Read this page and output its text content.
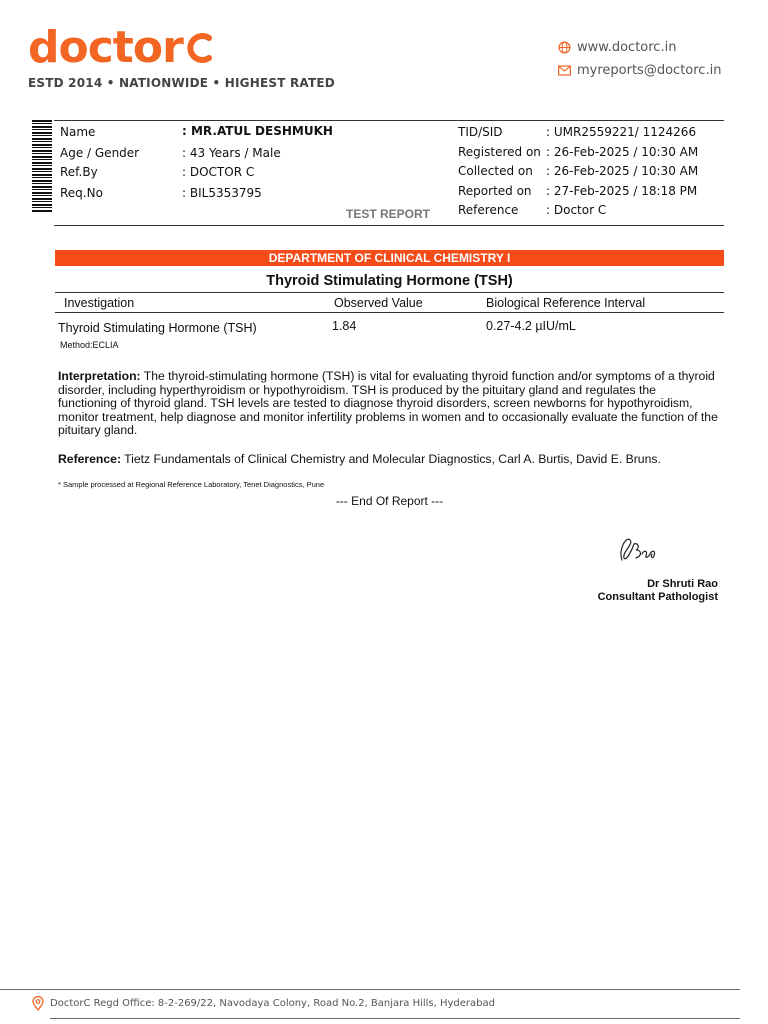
doctor
ESTD 2014 • NATIONWIDE • HIGHEST RATED
www.doctorc.in
myreports@doctorc.in
Name	: MR.ATUL DESHMUKH
Age / Gender	: 43 Years / Male
Ref.By	: DOCTOR C
Req.No	: BIL5353795
TID/SID	: UMR2559221/ 1124266
Registered on : 26-Feb-2025 / 10:30 AM
Collected on : 26-Feb-2025 / 10:30 AM
Reported on : 27-Feb-2025 / 18:18 PM
Reference : Doctor C
TEST REPORT
DEPARTMENT OF CLINICAL CHEMISTRY I
Thyroid Stimulating Hormone (TSH)
Investigation	Observed Value	Biological Reference Interval
Thyroid Stimulating Hormone (TSH)	1.84	0.27-4.2 µIU/mL
Method:ECLIA
Interpretation: The thyroid-stimulating hormone (TSH) is vital for evaluating thyroid function and/or symptoms of a thyroid disorder, including hyperthyroidism or hypothyroidism. TSH is produced by the pituitary gland and regulates the functioning of thyroid gland. TSH levels are tested to diagnose thyroid disorders, screen newborns for hypothyroidism, monitor treatment, help diagnose and monitor infertility problems in women and to occasionally evaluate the function of the pituitary gland.
Reference: Tietz Fundamentals of Clinical Chemistry and Molecular Diagnostics, Carl A. Burtis, David E. Bruns.
* Sample processed at Regional Reference Laboratory, Tenet Diagnostics, Pune
--- End Of Report ---
Dr Shruti Rao
Consultant Pathologist
DoctorC Regd Office: 8-2-269/22, Navodaya Colony, Road No.2, Banjara Hills, Hyderabad
